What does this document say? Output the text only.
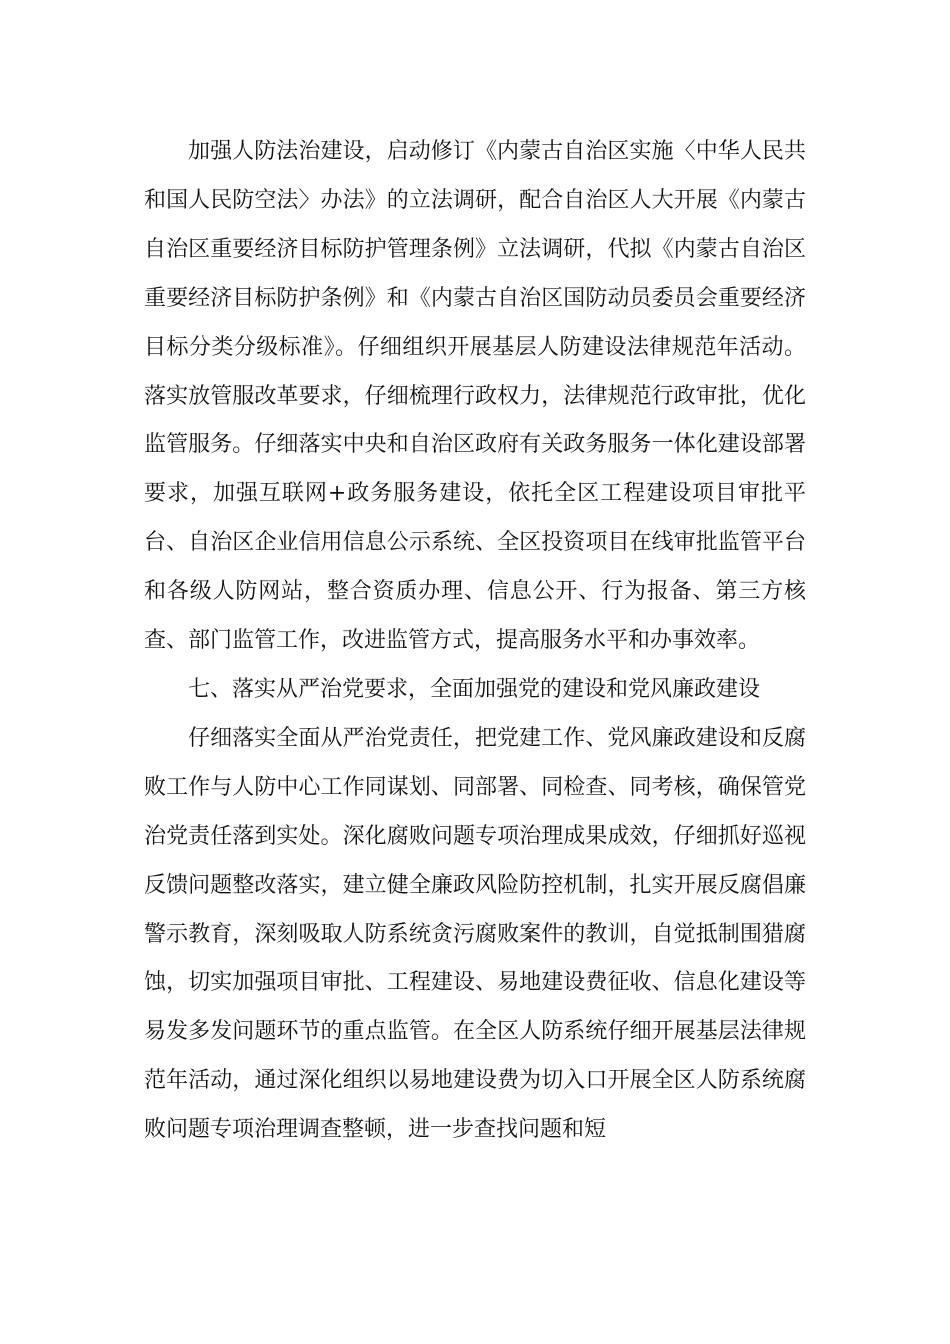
加强人防法治建设，启动修订《内蒙古自治区实施〈中华人民共和国人民防空法〉办法》的立法调研，配合自治区人大开展《内蒙古自治区重要经济目标防护管理条例》立法调研，代拟《内蒙古自治区重要经济目标防护条例》和《内蒙古自治区国防动员委员会重要经济目标分类分级标准》。仔细组织开展基层人防建设法律规范年活动。落实放管服改革要求，仔细梳理行政权力，法律规范行政审批，优化监管服务。仔细落实中央和自治区政府有关政务服务一体化建设部署要求，加强互联网+政务服务建设，依托全区工程建设项目审批平台、自治区企业信用信息公示系统、全区投资项目在线审批监管平台和各级人防网站，整合资质办理、信息公开、行为报备、第三方核查、部门监管工作，改进监管方式，提高服务水平和办事效率。

七、落实从严治党要求，全面加强党的建设和党风廉政建设

仔细落实全面从严治党责任，把党建工作、党风廉政建设和反腐败工作与人防中心工作同谋划、同部署、同检查、同考核，确保管党治党责任落到实处。深化腐败问题专项治理成果成效，仔细抓好巡视反馈问题整改落实，建立健全廉政风险防控机制，扎实开展反腐倡廉警示教育，深刻吸取人防系统贪污腐败案件的教训，自觉抵制围猎腐蚀，切实加强项目审批、工程建设、易地建设费征收、信息化建设等易发多发问题环节的重点监管。在全区人防系统仔细开展基层法律规范年活动，通过深化组织以易地建设费为切入口开展全区人防系统腐败问题专项治理调查整顿，进一步查找问题和短
